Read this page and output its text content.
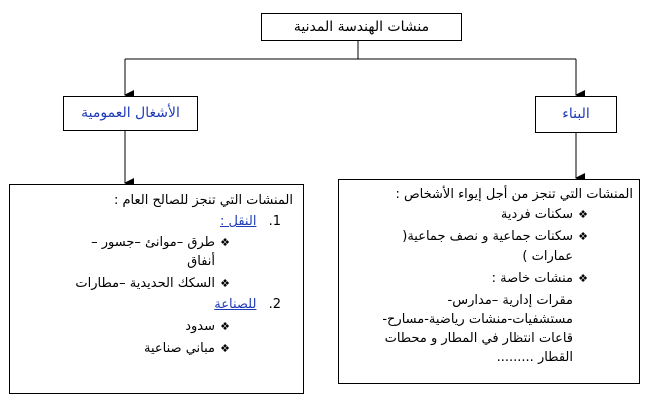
منشات الهندسة المدنية
الأشغال العمومية	البناء
المنشات التي تنجز للصالح العام :
1. النقل :
❖
طرق –موانئ –جسور –
أنفاق
❖
السكك الحديدية –مطارات
2. للصناعة
❖
سدود
❖
مباني صناعية
المنشات التي تنجز من أجل إيواء الأشخاص :
❖
سكنات فردية
❖
سكنات جماعية و نصف جماعية(
عمارات )
❖
منشات خاصة :
مقرات إدارية –مدارس-
مستشفيات-منشات رياضية-مسارح-
قاعات انتظار في المطار و محطات
القطار .........
